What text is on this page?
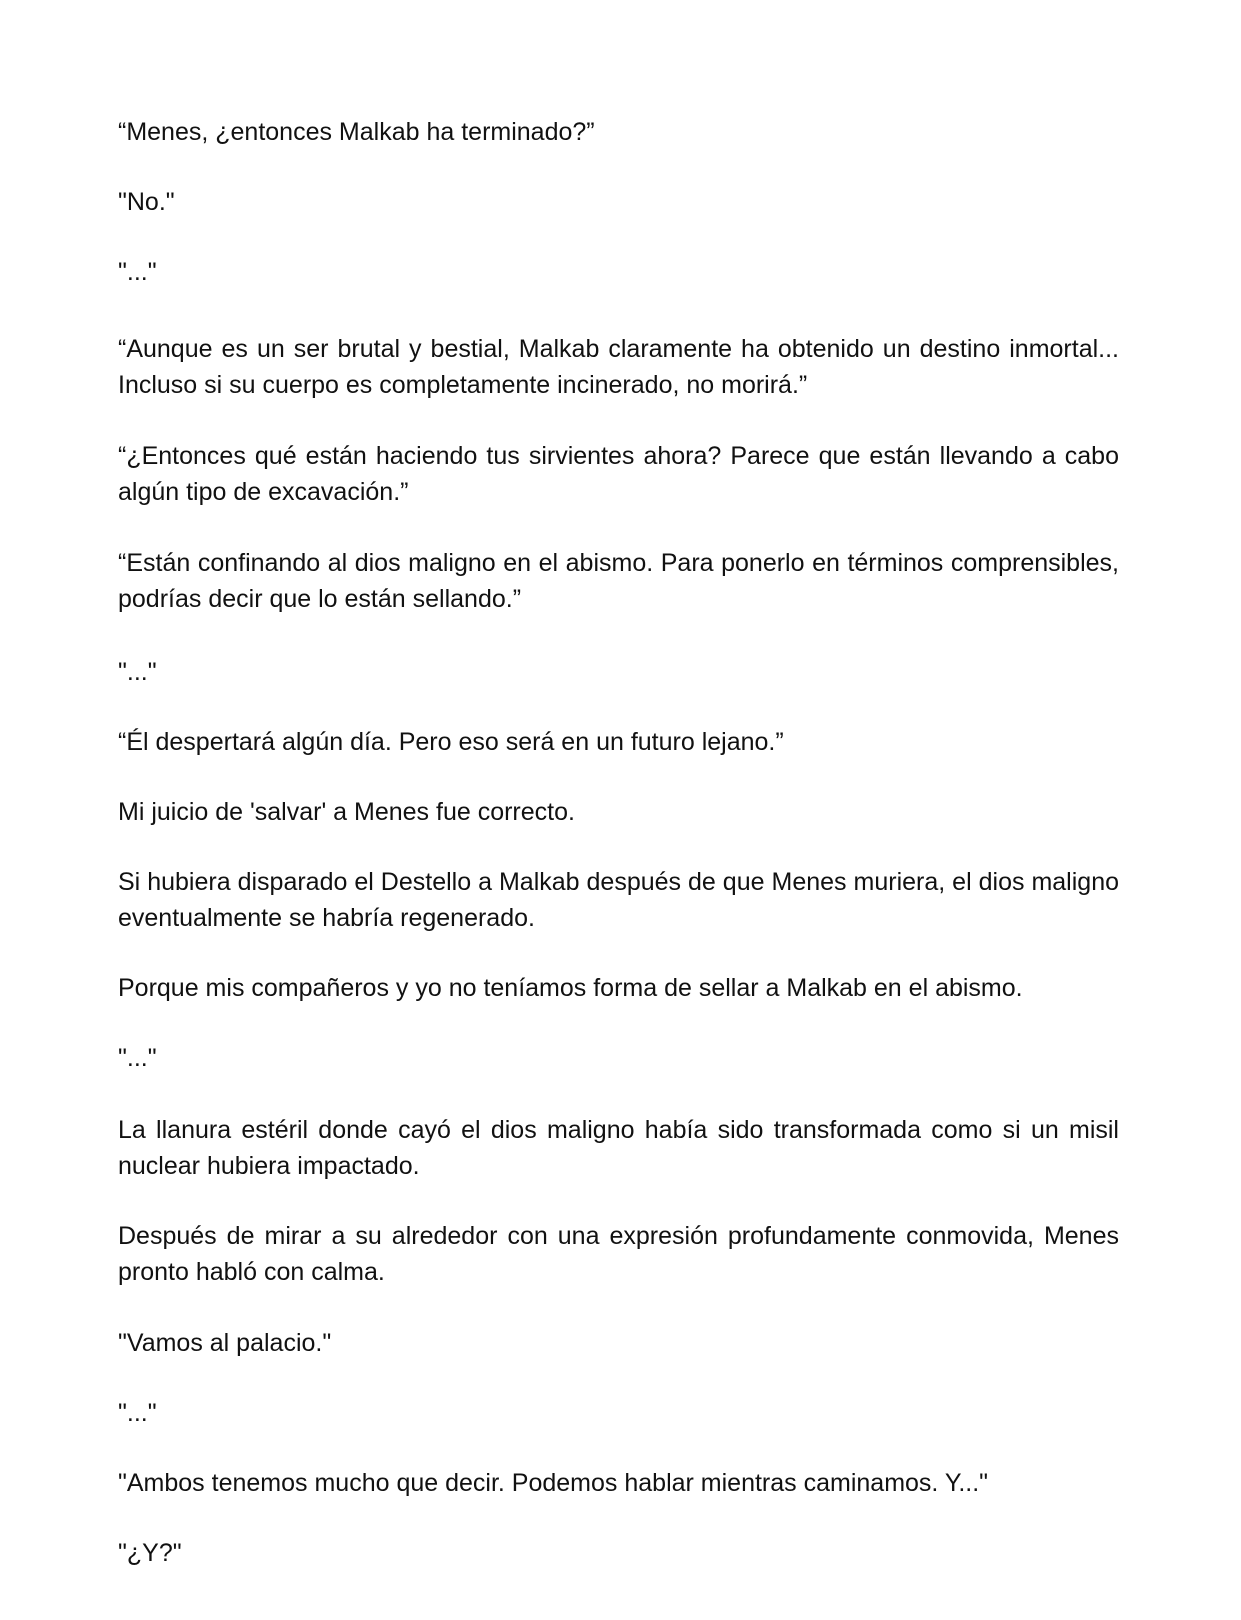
“Menes, ¿entonces Malkab ha terminado?”

"No."

"..."

“Aunque es un ser brutal y bestial, Malkab claramente ha obtenido un destino inmortal... Incluso si su cuerpo es completamente incinerado, no morirá.”

“¿Entonces qué están haciendo tus sirvientes ahora? Parece que están llevando a cabo algún tipo de excavación.”

“Están confinando al dios maligno en el abismo. Para ponerlo en términos comprensibles, podrías decir que lo están sellando.”

"..."

“Él despertará algún día. Pero eso será en un futuro lejano.”

Mi juicio de 'salvar' a Menes fue correcto.

Si hubiera disparado el Destello a Malkab después de que Menes muriera, el dios maligno eventualmente se habría regenerado.

Porque mis compañeros y yo no teníamos forma de sellar a Malkab en el abismo.

"..."

La llanura estéril donde cayó el dios maligno había sido transformada como si un misil nuclear hubiera impactado.

Después de mirar a su alrededor con una expresión profundamente conmovida, Menes pronto habló con calma.

"Vamos al palacio."

"..."

"Ambos tenemos mucho que decir. Podemos hablar mientras caminamos. Y..."

"¿Y?"
